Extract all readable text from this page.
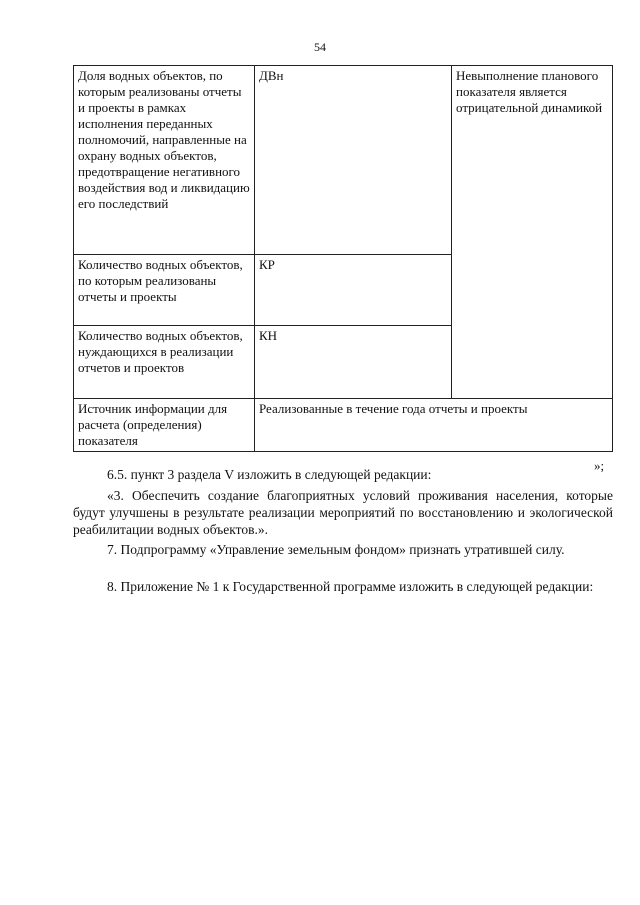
54
Доля водных объектов, по которым реализованы отчеты и проекты в рамках исполнения переданных полномочий, направленные на охрану водных объектов, предотвращение негативного воздействия вод и ликвидацию его последствий	ДВн	Невыполнение планового показателя является отрицательной динамикой
Количество водных объектов, по которым реализованы отчеты и проекты	КР	
Количество водных объектов, нуждающихся в реализации отчетов и проектов	КН	
Источник информации для расчета (определения) показателя	Реализованные в течение года отчеты и проекты	
»;

6.5. пункт 3 раздела V изложить в следующей редакции:

«3. Обеспечить создание благоприятных условий проживания населения, которые будут улучшены в результате реализации мероприятий по восстановлению и экологической реабилитации водных объектов.».

7. Подпрограмму «Управление земельным фондом» признать утратившей силу.

8. Приложение № 1 к Государственной программе изложить в следующей редакции:
